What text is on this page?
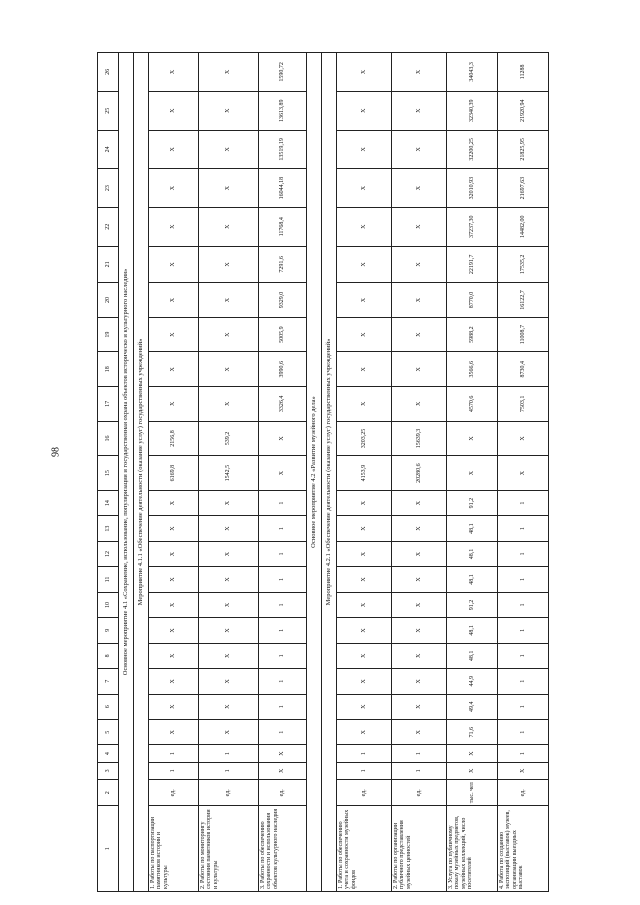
98
1	2	3	4	5	6	7	8	9	10	11	12	13	14	15	16	17	18	19	20	21	22	23	24	25	26
Основное мероприятие 4.1 «Сохранение, использование, популяризация и государственная охрана объектов историческо и культурного наследия»																									
Мероприятие 4.1.1 «Обеспечение деятельности (оказание услуг) государственных учреждений»																									
1. Работы по паспортизации памятников истории и культуры	ед.	1	1	Х	Х	Х	Х	Х	Х	Х	Х	Х	Х	6169,8	2156,8	Х	Х	Х	Х	Х	Х	Х	Х	Х	Х
2. Работы по мониторингу состояния памятников истории и культуры	ед.	1	1	Х	Х	Х	Х	Х	Х	Х	Х	Х	Х	1542,5	539,2	Х	Х	Х	Х	Х	Х	Х	Х	Х	Х
3. Работы по обеспечению сохранности и использования объектов культурного наследия	ед.	Х	Х	1	1	1	1	1	1	1	1	1	1	Х	Х	3326,4	3990,6	5005,9	9329,0	7291,6	11768,4	16044,18	13519,19	13613,89	1590,72
Основное мероприятие 4.2 «Развитие музейного дела»																									
Мероприятие 4.2.1 «Обеспечение деятельности (оказание услуг) государственных учреждений»																									
1. Работы по обеспечению учета и сохранности музейных фондов	ед.	1	1	Х	Х	Х	Х	Х	Х	Х	Х	Х	Х	4153,9	3203,25	Х	Х	Х	Х	Х	Х	Х	Х	Х	Х
2. Работы по организации публичного представления музейных ценностей	ед.	1	1	Х	Х	Х	Х	Х	Х	Х	Х	Х	Х	20280,6	15639,3	Х	Х	Х	Х	Х	Х	Х	Х	Х	Х
3. Услуга по публичному показу музейных предметов, музейных коллекций, число посетителей	тыс. чел	Х	Х	71,6	49,4	44,9	48,1	48,1	91,2	48,1	48,1	48,1	91,2	Х	Х	4570,6	3566,6	5988,2	8770,0	22191,7	37237,30	32010,93	32200,25	32340,39	34043,3
4. Работа по созданию экспозиций (выставок) музеев, организации выездных выставок	ед.	Х	1	1	1	1	1	1	1	1	1	1	1	Х	Х	7503,1	8730,4	11008,7	16122,7	17535,2	14482,00	21697,63	21825,95	21920,94	11288
